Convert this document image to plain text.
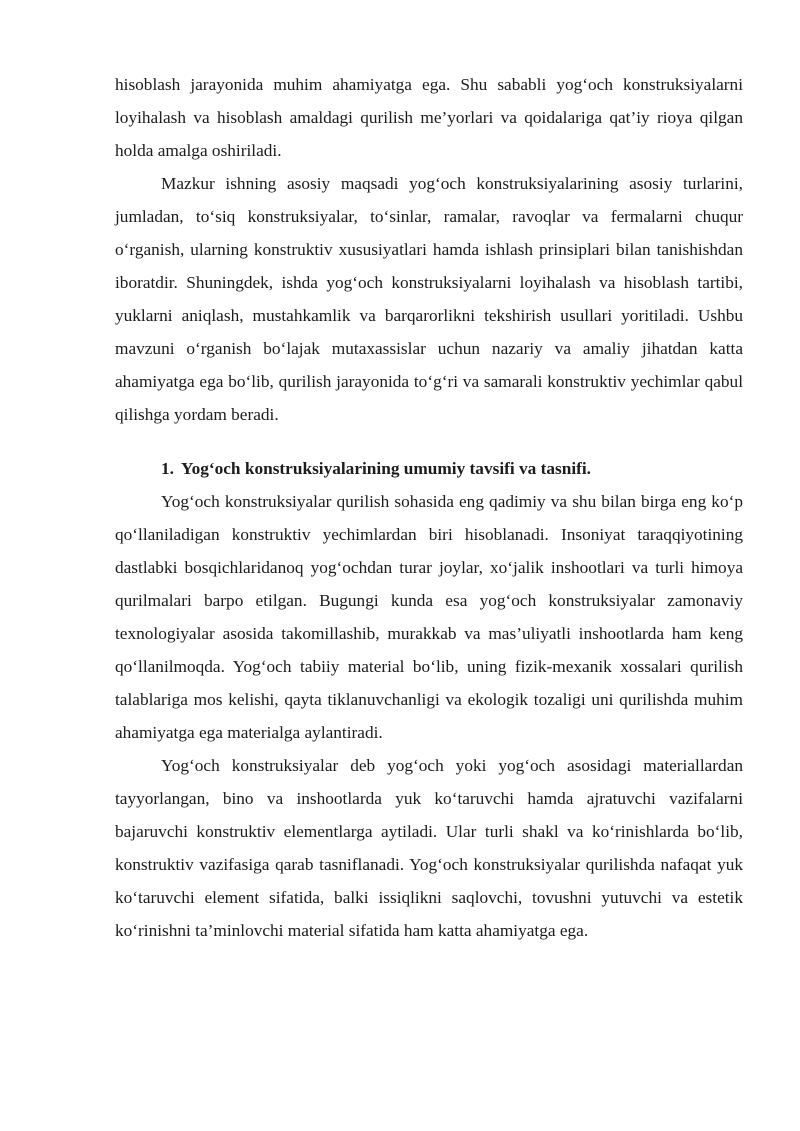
hisoblash jarayonida muhim ahamiyatga ega. Shu sababli yog‘och konstruksiyalarni loyihalash va hisoblash amaldagi qurilish me’yorlari va qoidalariga qat’iy rioya qilgan holda amalga oshiriladi.

Mazkur ishning asosiy maqsadi yog‘och konstruksiyalarining asosiy turlarini, jumladan, to‘siq konstruksiyalar, to‘sinlar, ramalar, ravoqlar va fermalarni chuqur o‘rganish, ularning konstruktiv xususiyatlari hamda ishlash prinsiplari bilan tanishishdan iboratdir. Shuningdek, ishda yog‘och konstruksiyalarni loyihalash va hisoblash tartibi, yuklarni aniqlash, mustahkamlik va barqarorlikni tekshirish usullari yoritiladi. Ushbu mavzuni o‘rganish bo‘lajak mutaxassislar uchun nazariy va amaliy jihatdan katta ahamiyatga ega bo‘lib, qurilish jarayonida to‘g‘ri va samarali konstruktiv yechimlar qabul qilishga yordam beradi.

1. Yog‘och konstruksiyalarining umumiy tavsifi va tasnifi.

Yog‘och konstruksiyalar qurilish sohasida eng qadimiy va shu bilan birga eng ko‘p qo‘llaniladigan konstruktiv yechimlardan biri hisoblanadi. Insoniyat taraqqiyotining dastlabki bosqichlaridanoq yog‘ochdan turar joylar, xo‘jalik inshootlari va turli himoya qurilmalari barpo etilgan. Bugungi kunda esa yog‘och konstruksiyalar zamonaviy texnologiyalar asosida takomillashib, murakkab va mas’uliyatli inshootlarda ham keng qo‘llanilmoqda. Yog‘och tabiiy material bo‘lib, uning fizik-mexanik xossalari qurilish talablariga mos kelishi, qayta tiklanuvchanligi va ekologik tozaligi uni qurilishda muhim ahamiyatga ega materialga aylantiradi.

Yog‘och konstruksiyalar deb yog‘och yoki yog‘och asosidagi materiallardan tayyorlangan, bino va inshootlarda yuk ko‘taruvchi hamda ajratuvchi vazifalarni bajaruvchi konstruktiv elementlarga aytiladi. Ular turli shakl va ko‘rinishlarda bo‘lib, konstruktiv vazifasiga qarab tasniflanadi. Yog‘och konstruksiyalar qurilishda nafaqat yuk ko‘taruvchi element sifatida, balki issiqlikni saqlovchi, tovushni yutuvchi va estetik ko‘rinishni ta’minlovchi material sifatida ham katta ahamiyatga ega.
